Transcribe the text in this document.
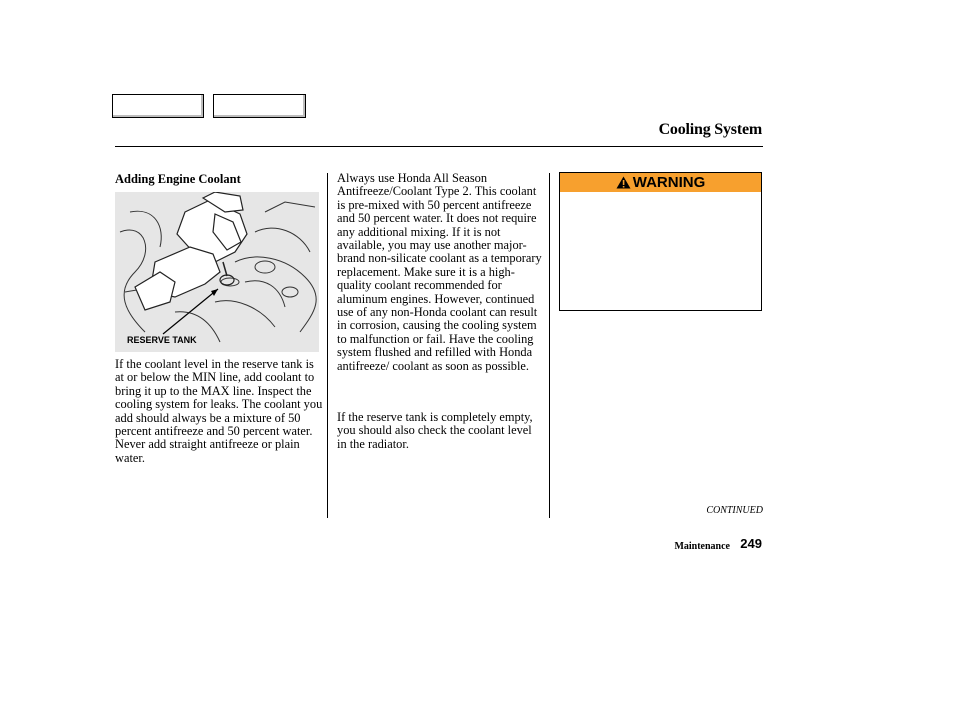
Cooling System
Adding Engine Coolant
RESERVE TANK
If the coolant level in the reserve tank is at or below the MIN line, add coolant to bring it up to the MAX line. Inspect the cooling system for leaks. The coolant you add should always be a mixture of 50 percent antifreeze and 50 percent water. Never add straight antifreeze or plain water.
Always use Honda All Season Antifreeze/Coolant Type 2. This coolant is pre-mixed with 50 percent antifreeze and 50 percent water. It does not require any additional mixing. If it is not available, you may use another major-brand non-silicate coolant as a temporary replacement. Make sure it is a high-quality coolant recommended for aluminum engines. However, continued use of any non-Honda coolant can result in corrosion, causing the cooling system to malfunction or fail. Have the cooling system flushed and refilled with Honda antifreeze/ coolant as soon as possible.
If the reserve tank is completely empty, you should also check the coolant level in the radiator.
WARNING
CONTINUED
Maintenance 249
